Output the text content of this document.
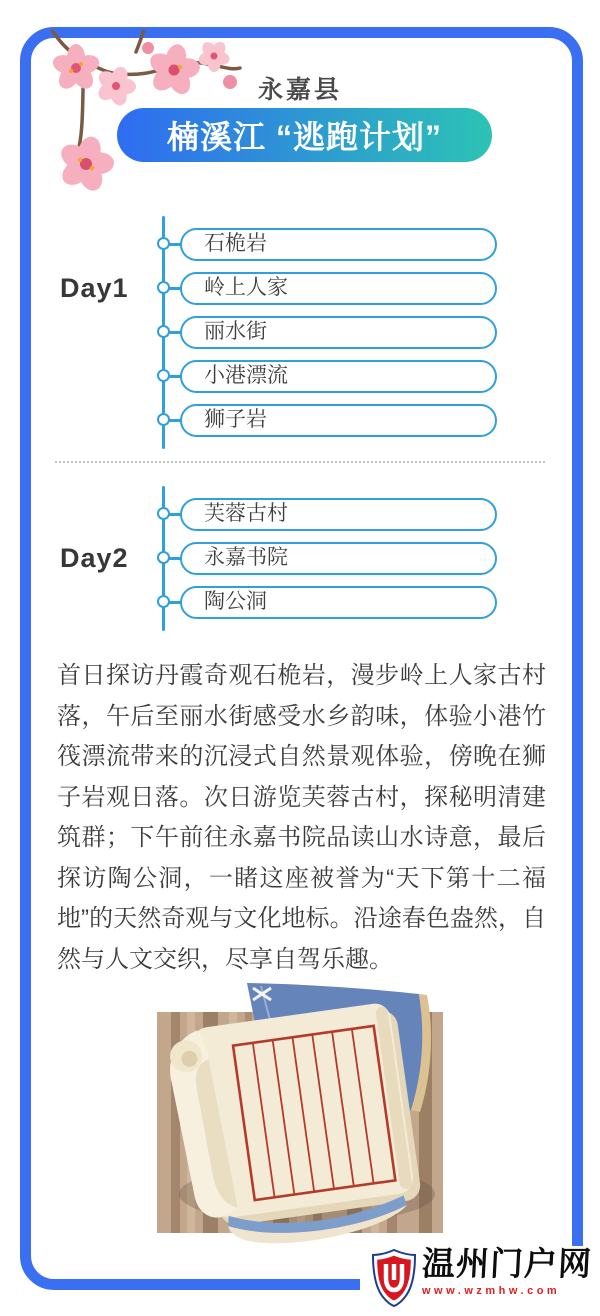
永嘉县
楠溪江 “逃跑计划”
Day1
石桅岩
岭上人家
丽水街
小港漂流
狮子岩
Day2
芙蓉古村
永嘉书院
陶公洞
首日探访丹霞奇观石桅岩，漫步岭上人家古村落，午后至丽水街感受水乡韵味，体验小港竹筏漂流带来的沉浸式自然景观体验，傍晚在狮子岩观日落。次日游览芙蓉古村，探秘明清建筑群；下午前往永嘉书院品读山水诗意，最后探访陶公洞，一睹这座被誉为“天下第十二福地”的天然奇观与文化地标。沿途春色盎然，自然与人文交织，尽享自驾乐趣。
温州门户网
www.wzmhw.com
